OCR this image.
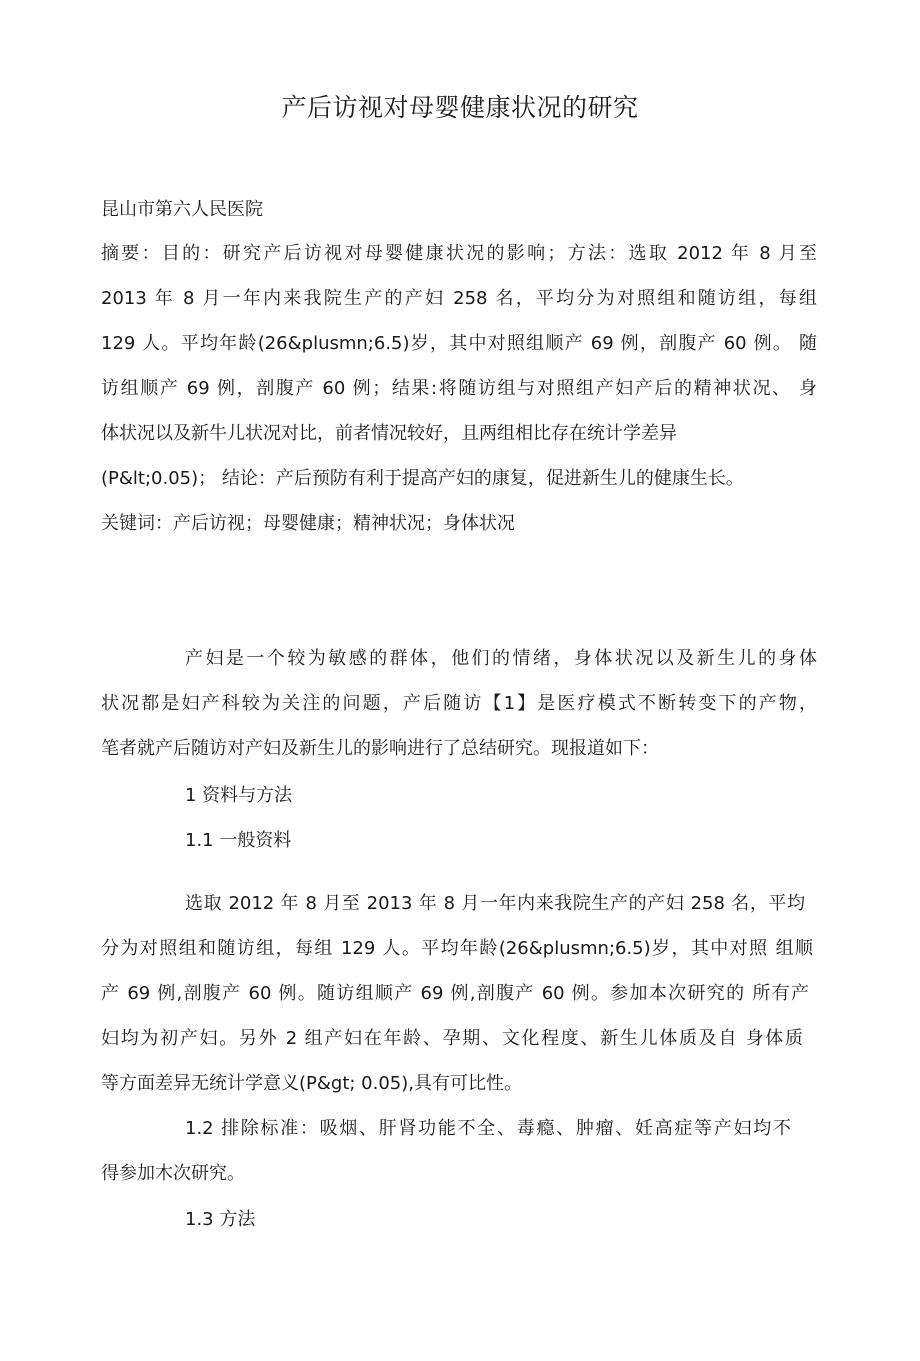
产后访视对母婴健康状况的研究
昆山市第六人民医院
摘要：目的：研究产后访视对母婴健康状况的影响；方法：选取 2012 年 8 月至
2013 年 8 月一年内来我院生产的产妇 258 名，平均分为对照组和随访组，每组
129 人。平均年龄(26&plusmn;6.5)岁，其中对照组顺产 69 例，剖腹产 60 例。 随
访组顺产 69 例，剖腹产 60 例；结果:将随访组与对照组产妇产后的精神状况、 身
体状况以及新牛儿状况对比，前者情况较好，且两组相比存在统计学差异
(P&lt;0.05)； 结论：产后预防有利于提高产妇的康复，促进新生儿的健康生长。
关键词：产后访视；母婴健康；精神状况；身体状况
产妇是一个较为敏感的群体，他们的情绪，身体状况以及新生儿的身体
状况都是妇产科较为关注的问题，产后随访【1】是医疗模式不断转变下的产物，
笔者就产后随访对产妇及新生儿的影响进行了总结研究。现报道如下：
1 资料与方法
1.1 一般资料
选取 2012 年 8 月至 2013 年 8 月一年内来我院生产的产妇 258 名，平均
分为对照组和随访组，每组 129 人。平均年龄(26&plusmn;6.5)岁，其中对照 组顺
产 69 例,剖腹产 60 例。随访组顺产 69 例,剖腹产 60 例。参加本次研究的 所有产
妇均为初产妇。另外 2 组产妇在年龄、孕期、文化程度、新生儿体质及自 身体质
等方面差异无统计学意义(P&gt; 0.05),具有可比性。
1.2 排除标准：吸烟、肝肾功能不全、毒瘾、肿瘤、妊高症等产妇均不
得参加木次研究。
1.3 方法
